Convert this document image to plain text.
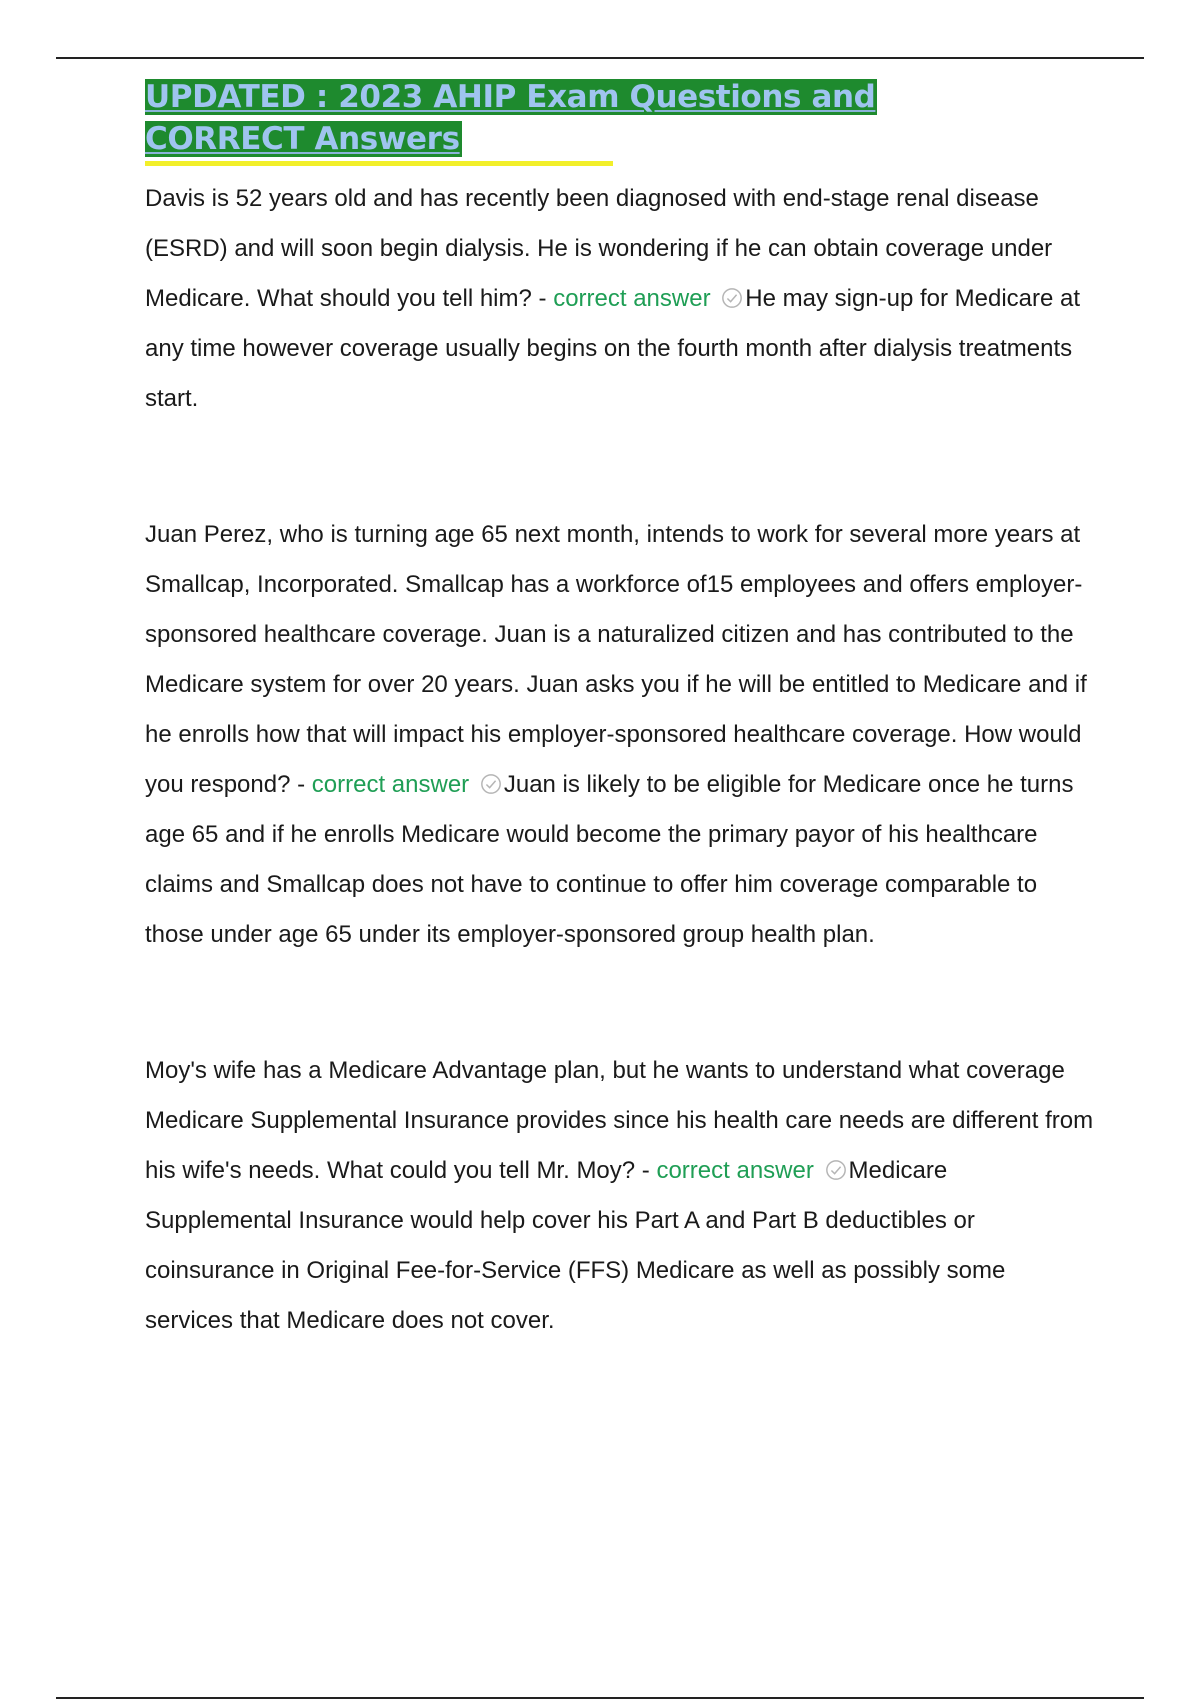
UPDATED : 2023 AHIP Exam Questions and
CORRECT Answers

Davis is 52 years old and has recently been diagnosed with end-stage renal disease (ESRD) and will soon begin dialysis. He is wondering if he can obtain coverage under Medicare. What should you tell him? - correct answer He may sign-up for Medicare at any time however coverage usually begins on the fourth month after dialysis treatments start.

Juan Perez, who is turning age 65 next month, intends to work for several more years at Smallcap, Incorporated. Smallcap has a workforce of15 employees and offers employer-sponsored healthcare coverage. Juan is a naturalized citizen and has contributed to the Medicare system for over 20 years. Juan asks you if he will be entitled to Medicare and if he enrolls how that will impact his employer-sponsored healthcare coverage. How would you respond? - correct answer Juan is likely to be eligible for Medicare once he turns age 65 and if he enrolls Medicare would become the primary payor of his healthcare claims and Smallcap does not have to continue to offer him coverage comparable to those under age 65 under its employer-sponsored group health plan.

Moy's wife has a Medicare Advantage plan, but he wants to understand what coverage Medicare Supplemental Insurance provides since his health care needs are different from his wife's needs. What could you tell Mr. Moy? - correct answer Medicare Supplemental Insurance would help cover his Part A and Part B deductibles or coinsurance in Original Fee-for-Service (FFS) Medicare as well as possibly some services that Medicare does not cover.
